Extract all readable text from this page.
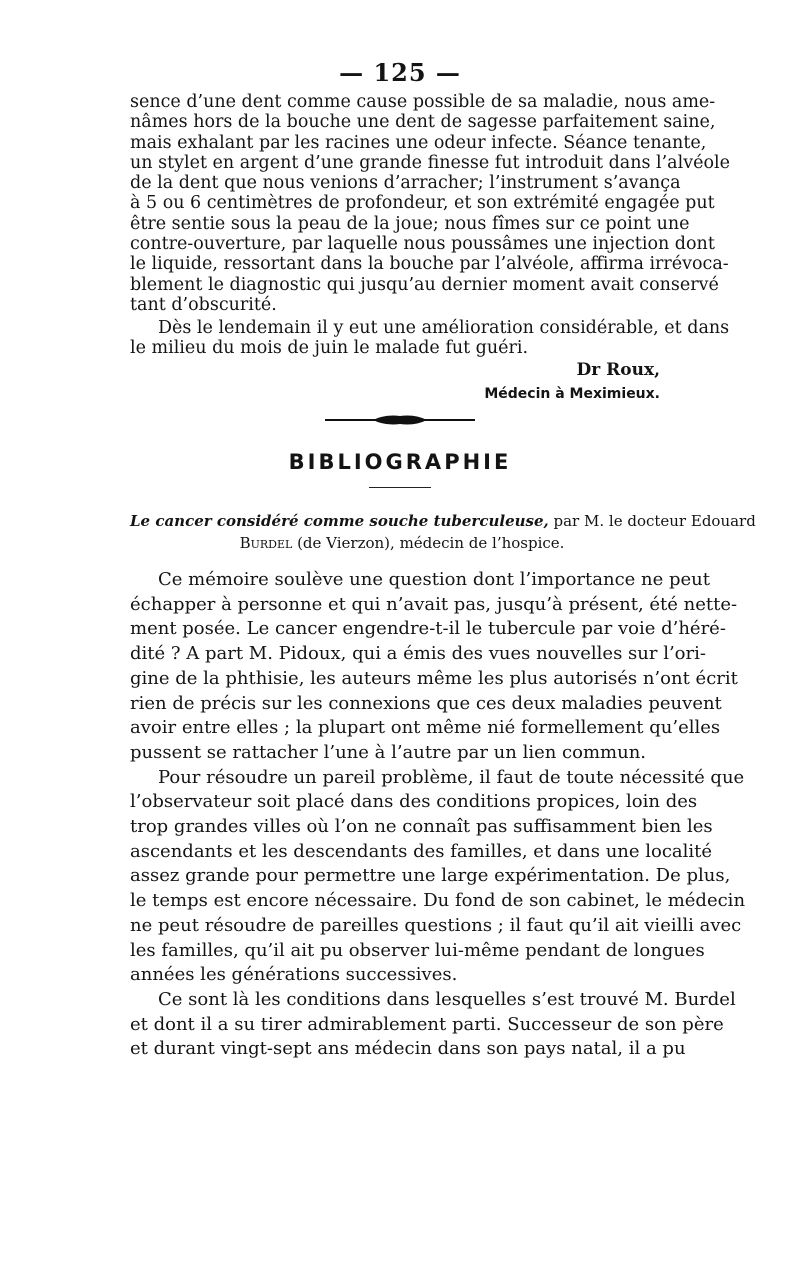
— 125 —
sence d’une dent comme cause possible de sa maladie, nous ame-
nâmes hors de la bouche une dent de sagesse parfaitement saine,
mais exhalant par les racines une odeur infecte. Séance tenante,
un stylet en argent d’une grande finesse fut introduit dans l’alvéole
de la dent que nous venions d’arracher; l’instrument s’avança
à 5 ou 6 centimètres de profondeur, et son extrémité engagée put
être sentie sous la peau de la joue; nous fîmes sur ce point une
contre-ouverture, par laquelle nous poussâmes une injection dont
le liquide, ressortant dans la bouche par l’alvéole, affirma irrévoca-
blement le diagnostic qui jusqu’au dernier moment avait conservé
tant d’obscurité.
Dès le lendemain il y eut une amélioration considérable, et dans
le milieu du mois de juin le malade fut guéri.
Dr Roux,
Médecin à Meximieux.
BIBLIOGRAPHIE
Le cancer considéré comme souche tuberculeuse, par M. le docteur Edouard
Burdel (de Vierzon), médecin de l’hospice.
Ce mémoire soulève une question dont l’importance ne peut
échapper à personne et qui n’avait pas, jusqu’à présent, été nette-
ment posée. Le cancer engendre-t-il le tubercule par voie d’héré-
dité ? A part M. Pidoux, qui a émis des vues nouvelles sur l’ori-
gine de la phthisie, les auteurs même les plus autorisés n’ont écrit
rien de précis sur les connexions que ces deux maladies peuvent
avoir entre elles ; la plupart ont même nié formellement qu’elles
pussent se rattacher l’une à l’autre par un lien commun.
Pour résoudre un pareil problème, il faut de toute nécessité que
l’observateur soit placé dans des conditions propices, loin des
trop grandes villes où l’on ne connaît pas suffisamment bien les
ascendants et les descendants des familles, et dans une localité
assez grande pour permettre une large expérimentation. De plus,
le temps est encore nécessaire. Du fond de son cabinet, le médecin
ne peut résoudre de pareilles questions ; il faut qu’il ait vieilli avec
les familles, qu’il ait pu observer lui-même pendant de longues
années les générations successives.
Ce sont là les conditions dans lesquelles s’est trouvé M. Burdel
et dont il a su tirer admirablement parti. Successeur de son père
et durant vingt-sept ans médecin dans son pays natal, il a pu
